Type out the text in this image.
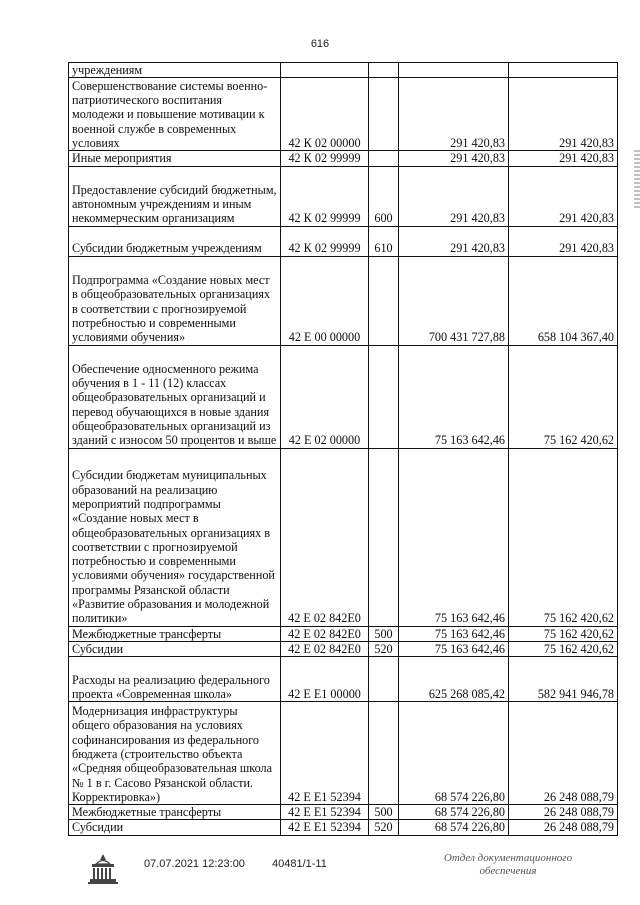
616
учреждениям				
Совершенствование системы военно-патриотического воспитания молодежи и повышение мотивации к военной службе в современных условиях	42 К 02 00000		291 420,83	291 420,83
Иные мероприятия	42 К 02 99999		291 420,83	291 420,83
Предоставление субсидий бюджетным, автономным учреждениям и иным некоммерческим организациям	42 К 02 99999	600	291 420,83	291 420,83
Субсидии бюджетным учреждениям	42 К 02 99999	610	291 420,83	291 420,83
Подпрограмма «Создание новых мест в общеобразовательных организациях в соответствии с прогнозируемой потребностью и современными условиями обучения»	42 Е 00 00000		700 431 727,88	658 104 367,40
Обеспечение односменного режима обучения в 1 - 11 (12) классах общеобразовательных организаций и перевод обучающихся в новые здания общеобразовательных организаций из зданий с износом 50 процентов и выше	42 Е 02 00000		75 163 642,46	75 162 420,62
Субсидии бюджетам муниципальных образований на реализацию мероприятий подпрограммы «Создание новых мест в общеобразовательных организациях в соответствии с прогнозируемой потребностью и современными условиями обучения» государственной программы Рязанской области «Развитие образования и молодежной политики»	42 Е 02 842Е0		75 163 642,46	75 162 420,62
Межбюджетные трансферты	42 Е 02 842Е0	500	75 163 642,46	75 162 420,62
Субсидии	42 Е 02 842Е0	520	75 163 642,46	75 162 420,62
Расходы на реализацию федерального проекта «Современная школа»	42 Е Е1 00000		625 268 085,42	582 941 946,78
Модернизация инфраструктуры общего образования на условиях софинансирования из федерального бюджета (строительство объекта «Средняя общеобразовательная школа № 1 в г. Сасово Рязанской области. Корректировка»)	42 Е Е1 52394		68 574 226,80	26 248 088,79
Межбюджетные трансферты	42 Е Е1 52394	500	68 574 226,80	26 248 088,79
Субсидии	42 Е Е1 52394	520	68 574 226,80	26 248 088,79
07.07.2021 12:23:00 40481/1-11	Отдел документационного
обеспечения
